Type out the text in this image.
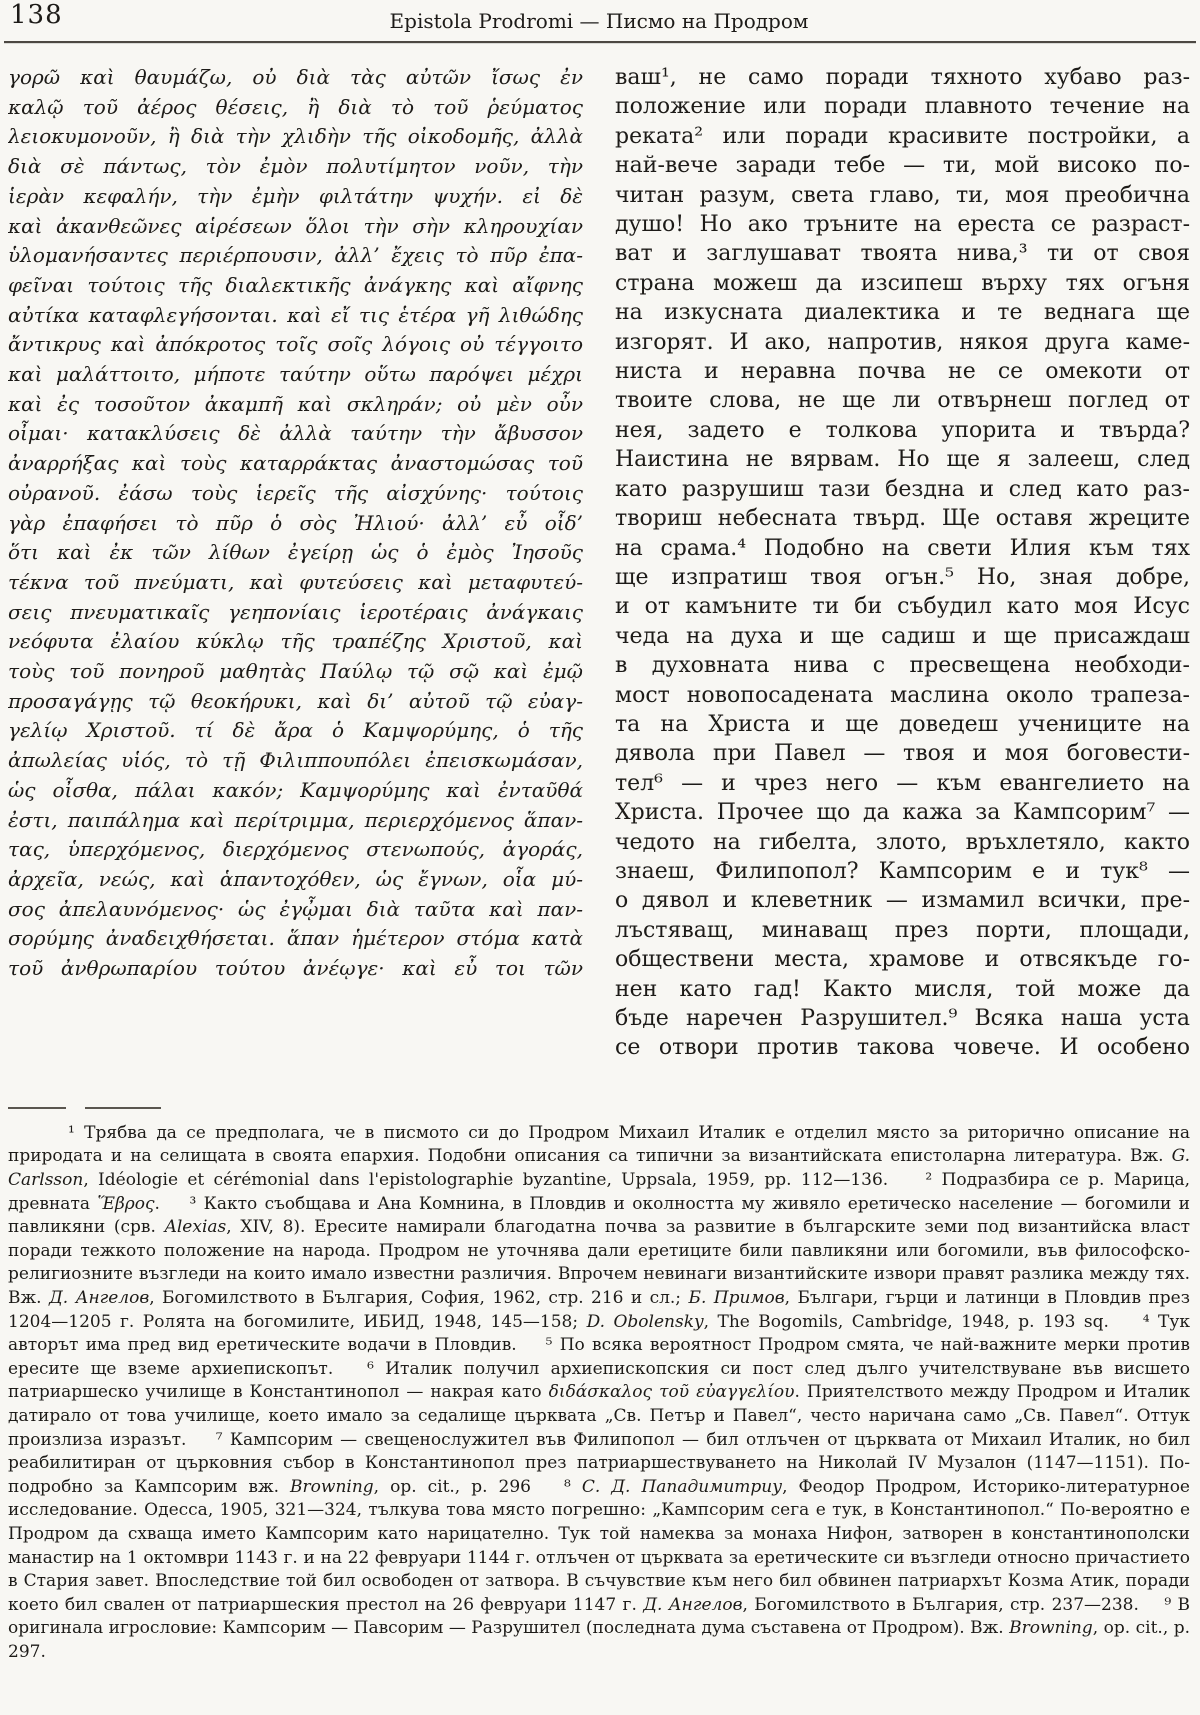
138	Epistola Prodromi — Писмо на Продром
γορῶ καὶ θαυμάζω, οὐ διὰ τὰς αὐτῶν ἴσως ἐν
καλῷ τοῦ ἀέρος θέσεις, ἢ διὰ τὸ τοῦ ῥεύματος
λειοκυμονοῦν, ἢ διὰ τὴν χλιδὴν τῆς οἰκοδομῆς, ἀλλὰ
διὰ σὲ πάντως, τὸν ἐμὸν πολυτίμητον νοῦν, τὴν
ἱερὰν κεφαλήν, τὴν ἐμὴν φιλτάτην ψυχήν. εἰ δὲ
καὶ ἀκανθεῶνες αἱρέσεων ὅλοι τὴν σὴν κληρουχίαν
ὑλομανήσαντες περιέρπουσιν, ἀλλ’ ἔχεις τὸ πῦρ ἐπα-
φεῖναι τούτοις τῆς διαλεκτικῆς ἀνάγκης καὶ αἴφνης
αὐτίκα καταφλεγήσονται. καὶ εἴ τις ἑτέρα γῆ λιθώδης
ἄντικρυς καὶ ἀπόκροτος τοῖς σοῖς λόγοις οὐ τέγγοιτο
καὶ μαλάττοιτο, μήποτε ταύτην οὕτω παρόψει μέχρι
καὶ ἐς τοσοῦτον ἀκαμπῆ καὶ σκληράν; οὐ μὲν οὖν
οἶμαι· κατακλύσεις δὲ ἀλλὰ ταύτην τὴν ἄβυσσον
ἀναρρήξας καὶ τοὺς καταρράκτας ἀναστομώσας τοῦ
οὐρανοῦ. ἐάσω τοὺς ἱερεῖς τῆς αἰσχύνης· τούτοις
γὰρ ἐπαφήσει τὸ πῦρ ὁ σὸς Ἠλιού· ἀλλ’ εὖ οἶδ’
ὅτι καὶ ἐκ τῶν λίθων ἐγείρῃ ὡς ὁ ἐμὸς Ἰησοῦς
τέκνα τοῦ πνεύματι, καὶ φυτεύσεις καὶ μεταφυτεύ-
σεις πνευματικαῖς γεηπονίαις ἱεροτέραις ἀνάγκαις
νεόφυτα ἐλαίου κύκλῳ τῆς τραπέζης Χριστοῦ, καὶ
τοὺς τοῦ πονηροῦ μαθητὰς Παύλῳ τῷ σῷ καὶ ἐμῷ
προσαγάγῃς τῷ θεοκήρυκι, καὶ δι’ αὐτοῦ τῷ εὐαγ-
γελίῳ Χριστοῦ. τί δὲ ἄρα ὁ Καμψορύμης, ὁ τῆς
ἀπωλείας υἱός, τὸ τῇ Φιλιππουπόλει ἐπεισκωμάσαν,
ὡς οἶσθα, πάλαι κακόν; Καμψορύμης καὶ ἐνταῦθά
ἐστι, παιπάλημα καὶ περίτριμμα, περιερχόμενος ἅπαν-
τας, ὑπερχόμενος, διερχόμενος στενωπούς, ἀγοράς,
ἀρχεῖα, νεώς, καὶ ἁπαντοχόθεν, ὡς ἔγνων, οἷα μύ-
σος ἀπελαυνόμενος· ὡς ἐγᾦμαι διὰ ταῦτα καὶ παν-
σορύμης ἀναδειχθήσεται. ἅπαν ἡμέτερον στόμα κατὰ
τοῦ ἀνθρωπαρίου τούτου ἀνέῳγε· καὶ εὖ τοι τῶν
ваш¹, не само поради тяхното хубаво раз-
положение или поради плавното течение на
реката² или поради красивите постройки, а
най-вече заради тебе — ти, мой високо по-
читан разум, света главо, ти, моя преобична
душо! Но ако тръните на ереста се разраст-
ват и заглушават твоята нива,³ ти от своя
страна можеш да изсипеш върху тях огъня
на изкусната диалектика и те веднага ще
изгорят. И ако, напротив, някоя друга каме-
ниста и неравна почва не се омекоти от
твоите слова, не ще ли отвърнеш поглед от
нея, задето е толкова упорита и твърда?
Наистина не вярвам. Но ще я залееш, след
като разрушиш тази бездна и след като раз-
твориш небесната твърд. Ще оставя жреците
на срама.⁴ Подобно на свети Илия към тях
ще изпратиш твоя огън.⁵ Но, зная добре,
и от камъните ти би събудил като моя Исус
чеда на духа и ще садиш и ще присаждаш
в духовната нива с пресвещена необходи-
мост новопосадената маслина около трапеза-
та на Христа и ще доведеш учениците на
дявола при Павел — твоя и моя боговести-
тел⁶ — и чрез него — към евангелието на
Христа. Прочее що да кажа за Кампсорим⁷ —
чедото на гибелта, злото, връхлетяло, както
знаеш, Филипопол? Кампсорим е и тук⁸ —
о дявол и клеветник — измамил всички, пре-
лъстяващ, минаващ през порти, площади,
обществени места, храмове и отвсякъде го-
нен като гад! Както мисля, той може да
бъде наречен Разрушител.⁹ Всяка наша уста
се отвори против такова човече. И особено

¹ Трябва да се предполага, че в писмото си до Продром Михаил Италик е отделил място за риторично описание на природата и на селищата в своята епархия. Подобни описания са типични за византийската епистоларна литература. Вж. G. Carlsson, Idéologie et cérémonial dans l'epistolographie byzantine, Uppsala, 1959, pp. 112—136.    ² Подразбира се р. Марица, древната Ἕβρος.    ³ Както съобщава и Ана Комнина, в Пловдив и околността му живяло еретическо население — богомили и павликяни (срв. Alexias, XIV, 8). Ересите намирали благодатна почва за развитие в българските земи под византийска власт поради тежкото положение на народа. Продром не уточнява дали еретиците били павликяни или богомили, във философско-религиозните възгледи на които имало известни различия. Впрочем невинаги византийските извори правят разлика между тях. Вж. Д. Ангелов, Богомилството в България, София, 1962, стр. 216 и сл.; Б. Примов, Българи, гърци и латинци в Пловдив през 1204—1205 г. Ролята на богомилите, ИБИД, 1948, 145—158; D. Obolensky, The Bogomils, Cambridge, 1948, p. 193 sq.    ⁴ Тук авторът има пред вид еретическите водачи в Пловдив.    ⁵ По всяка вероятност Продром смята, че най-важните мерки против ересите ще вземе архиепископът.   ⁶ Италик получил архиепископския си пост след дълго учителствуване във висшето патриаршеско училище в Константинопол — накрая като διδάσκαλος τοῦ εὐαγγελίου. Приятелството между Продром и Италик датирало от това училище, което имало за седалище църквата „Св. Петър и Павел“, често наричана само „Св. Павел“. Оттук произлиза изразът.    ⁷ Кампсорим — свещенослужител във Филипопол — бил отлъчен от църквата от Михаил Италик, но бил реабилитиран от църковния събор в Константинопол през патриаршествуването на Николай IV Музалон (1147—1151). По-подробно за Кампсорим вж. Browning, op. cit., p. 296   ⁸ С. Д. Пападимитриу, Феодор Продром, Историко-литературное исследование. Одесса, 1905, 321—324, тълкува това място погрешно: „Кампсорим сега е тук, в Константинопол.“ По-вероятно е Продром да схваща името Кампсорим като нарицателно. Тук той намеква за монаха Нифон, затворен в константинополски манастир на 1 октомври 1143 г. и на 22 февруари 1144 г. отлъчен от църквата за еретическите си възгледи относно причастието в Стария завет. Впоследствие той бил освободен от затвора. В съчувствие към него бил обвинен патриархът Козма Атик, поради което бил свален от патриаршеския престол на 26 февруари 1147 г. Д. Ангелов, Богомилството в България, стр. 237—238.    ⁹ В оригинала игрословие: Кампсорим — Павсорим — Разрушител (последната дума съставена от Продром). Вж. Browning, op. cit., p. 297.
